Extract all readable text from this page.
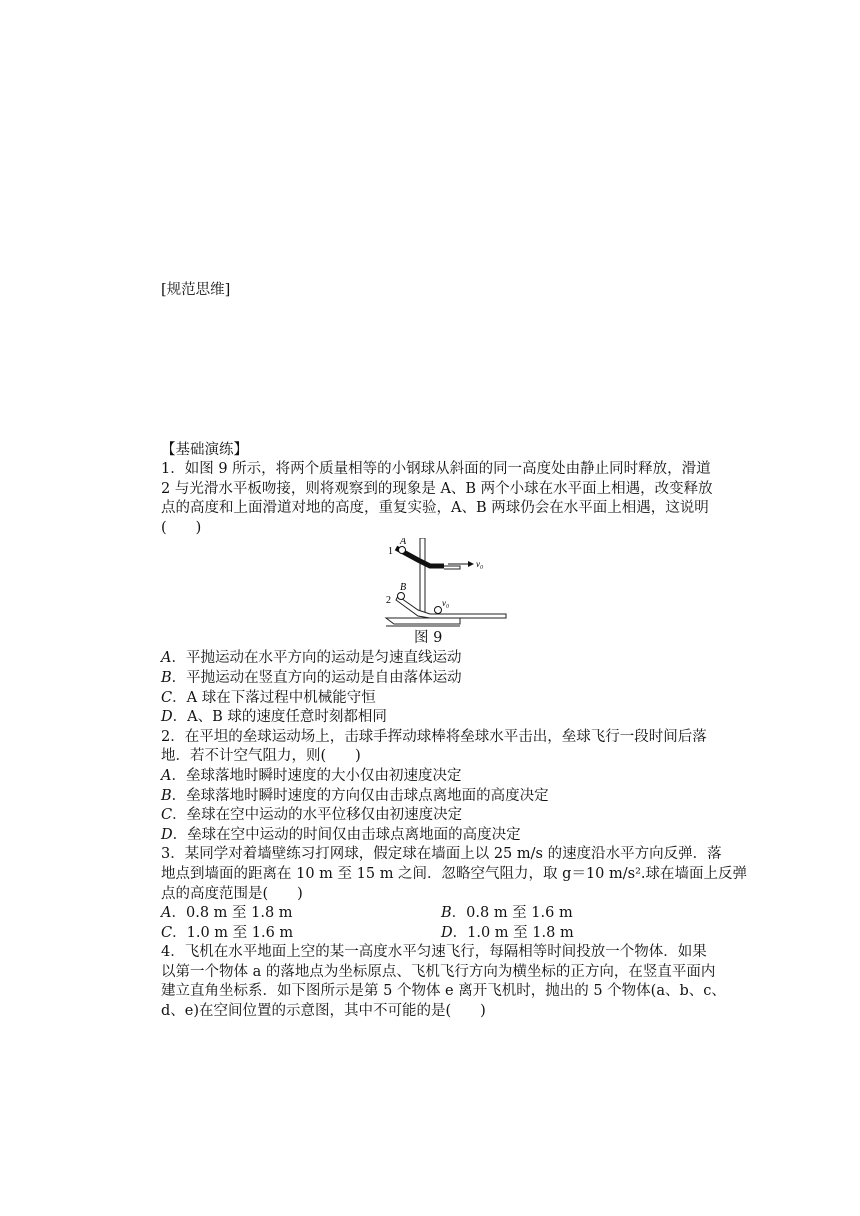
[规范思维]
【基础演练】
1．如图 9 所示，将两个质量相等的小钢球从斜面的同一高度处由静止同时释放，滑道
2 与光滑水平板吻接，则将观察到的现象是 A、B 两个小球在水平面上相遇，改变释放
点的高度和上面滑道对地的高度，重复实验，A、B 两球仍会在水平面上相遇，这说明
(　　)
A
1
B
2
v₀
v₀
图 9
A．平抛运动在水平方向的运动是匀速直线运动
B．平抛运动在竖直方向的运动是自由落体运动
C．A 球在下落过程中机械能守恒
D．A、B 球的速度任意时刻都相同
2．在平坦的垒球运动场上，击球手挥动球棒将垒球水平击出，垒球飞行一段时间后落
地．若不计空气阻力，则(　　)
A．垒球落地时瞬时速度的大小仅由初速度决定
B．垒球落地时瞬时速度的方向仅由击球点离地面的高度决定
C．垒球在空中运动的水平位移仅由初速度决定
D．垒球在空中运动的时间仅由击球点离地面的高度决定
3．某同学对着墙壁练习打网球，假定球在墙面上以 25 m/s 的速度沿水平方向反弹．落
地点到墙面的距离在 10 m 至 15 m 之间．忽略空气阻力，取 g＝10 m/s².球在墙面上反弹
点的高度范围是(　　)
A．0.8 m 至 1.8 m	B．0.8 m 至 1.6 m
C．1.0 m 至 1.6 m	D．1.0 m 至 1.8 m
4．飞机在水平地面上空的某一高度水平匀速飞行，每隔相等时间投放一个物体．如果
以第一个物体 a 的落地点为坐标原点、飞机飞行方向为横坐标的正方向，在竖直平面内
建立直角坐标系．如下图所示是第 5 个物体 e 离开飞机时，抛出的 5 个物体(a、b、c、
d、e)在空间位置的示意图，其中不可能的是(　　)
